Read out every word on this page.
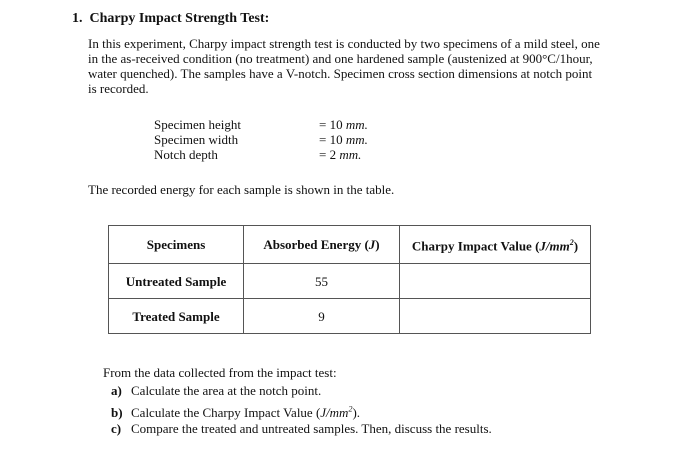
1. Charpy Impact Strength Test:
In this experiment, Charpy impact strength test is conducted by two specimens of a mild steel, one
in the as-received condition (no treatment) and one hardened sample (austenized at 900°C/1hour,
water quenched). The samples have a V-notch. Specimen cross section dimensions at notch point
is recorded.
Specimen height	= 10 mm.
Specimen width	= 10 mm.
Notch depth	= 2 mm.
The recorded energy for each sample is shown in the table.
Specimens	Absorbed Energy (J)	Charpy Impact Value $(J/mm^2)$
Untreated Sample	55	
Treated Sample	9	
From the data collected from the impact test:
a) Calculate the area at the notch point.
b) Calculate the Charpy Impact Value $(J/mm^2)$.
c) Compare the treated and untreated samples. Then, discuss the results.
